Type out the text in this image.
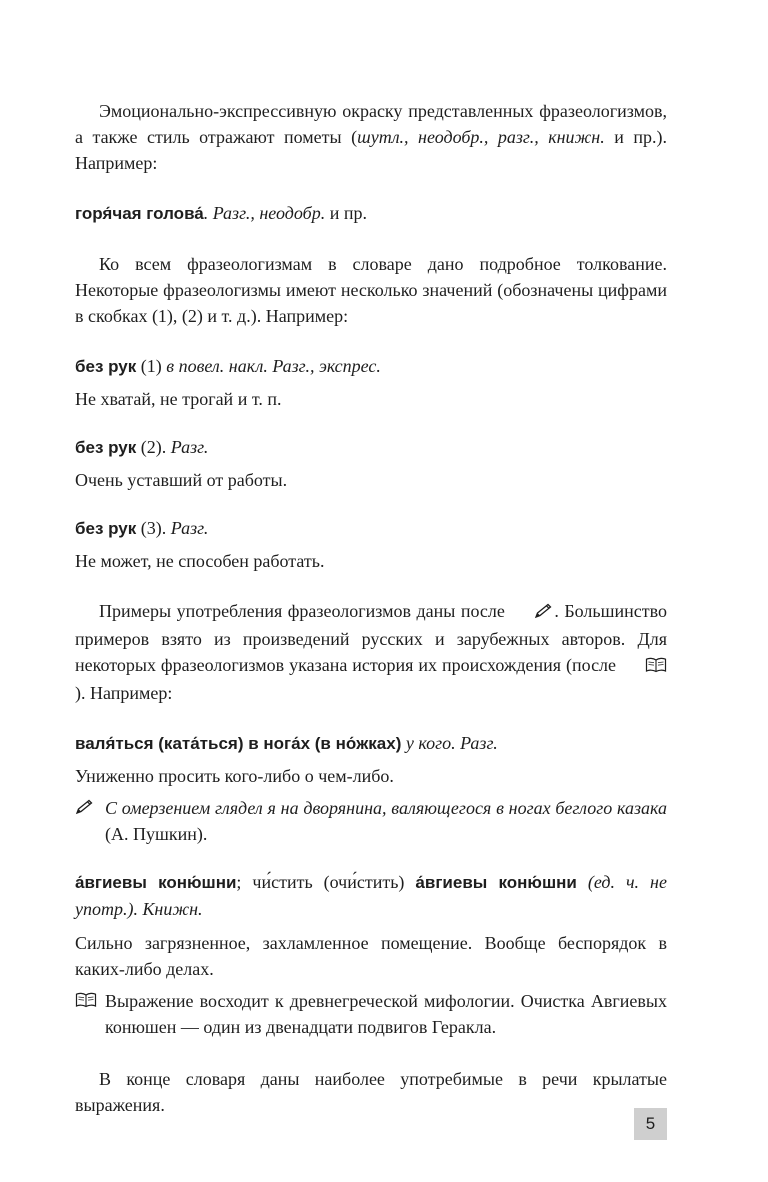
Эмоционально-экспрессивную окраску представленных фразеологизмов, а также стиль отражают пометы (шутл., неодобр., разг., книжн. и пр.). Например:

горя́чая голова́. Разг., неодобр. и пр.

Ко всем фразеологизмам в словаре дано подробное толкование. Некоторые фразеологизмы имеют несколько значений (обозначены цифрами в скобках (1), (2) и т. д.). Например:

без рук (1) в повел. накл. Разг., экспрес.

Не хватай, не трогай и т. п.

без рук (2). Разг.

Очень уставший от работы.

без рук (3). Разг.

Не может, не способен работать.

Примеры употребления фразеологизмов даны после . Большинство примеров взято из произведений русских и зарубежных авторов. Для некоторых фразеологизмов указана история их происхождения (после ). Например:

валя́ться (ката́ться) в нога́х (в но́жках) у кого. Разг.

Униженно просить кого-либо о чем-либо.

С омерзением глядел я на дворянина, валяющегося в ногах беглого казака (А. Пушкин).

а́вгиевы коню́шни; чи́стить (очи́стить) а́вгиевы коню́шни (ед. ч. не употр.). Книжн.

Сильно загрязненное, захламленное помещение. Вообще беспорядок в каких-либо делах.

Выражение восходит к древнегреческой мифологии. Очистка Авгиевых конюшен — один из двенадцати подвигов Геракла.

В конце словаря даны наиболее употребимые в речи крылатые выражения.

5
